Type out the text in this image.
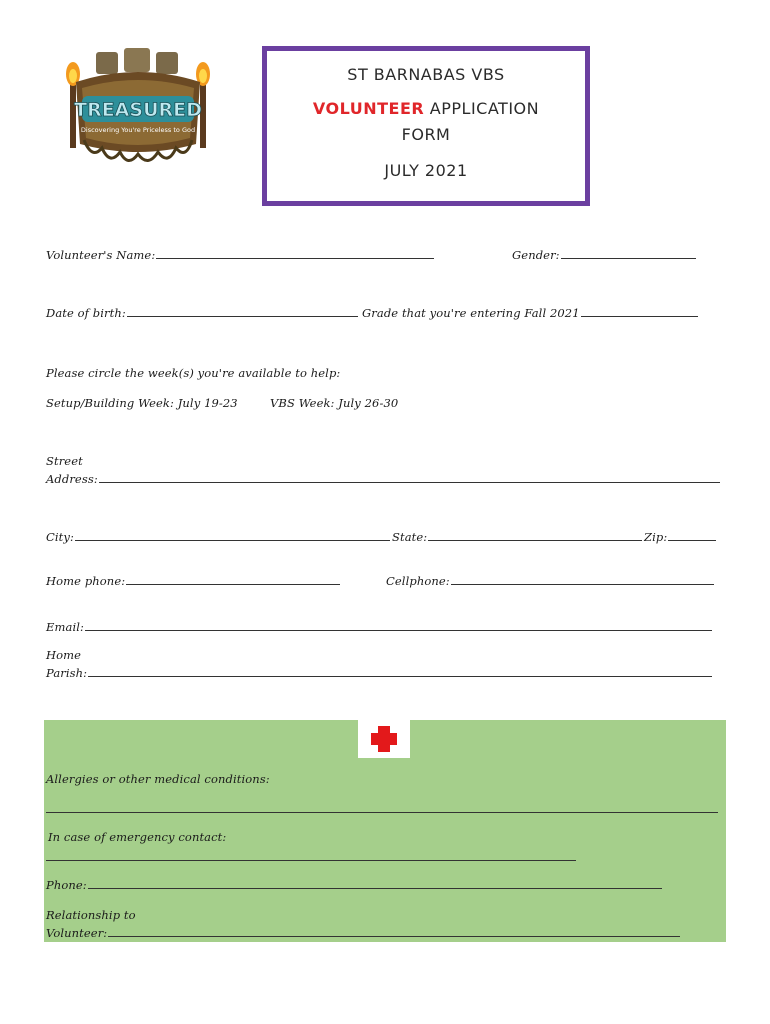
TREASURED
Discovering You're Priceless to God
ST BARNABAS VBS
VOLUNTEER APPLICATION
FORM
JULY 2021
Volunteer's Name:	Gender:
Date of birth:	Grade that you're entering Fall 2021
Please circle the week(s) you're available to help:
Setup/Building Week: July 19-23	VBS Week: July 26-30
Street
Address:
City:	State:	Zip:
Home phone:	Cellphone:
Email:
Home
Parish:
Allergies or other medical conditions:
In case of emergency contact:
Phone:
Relationship to
Volunteer:
